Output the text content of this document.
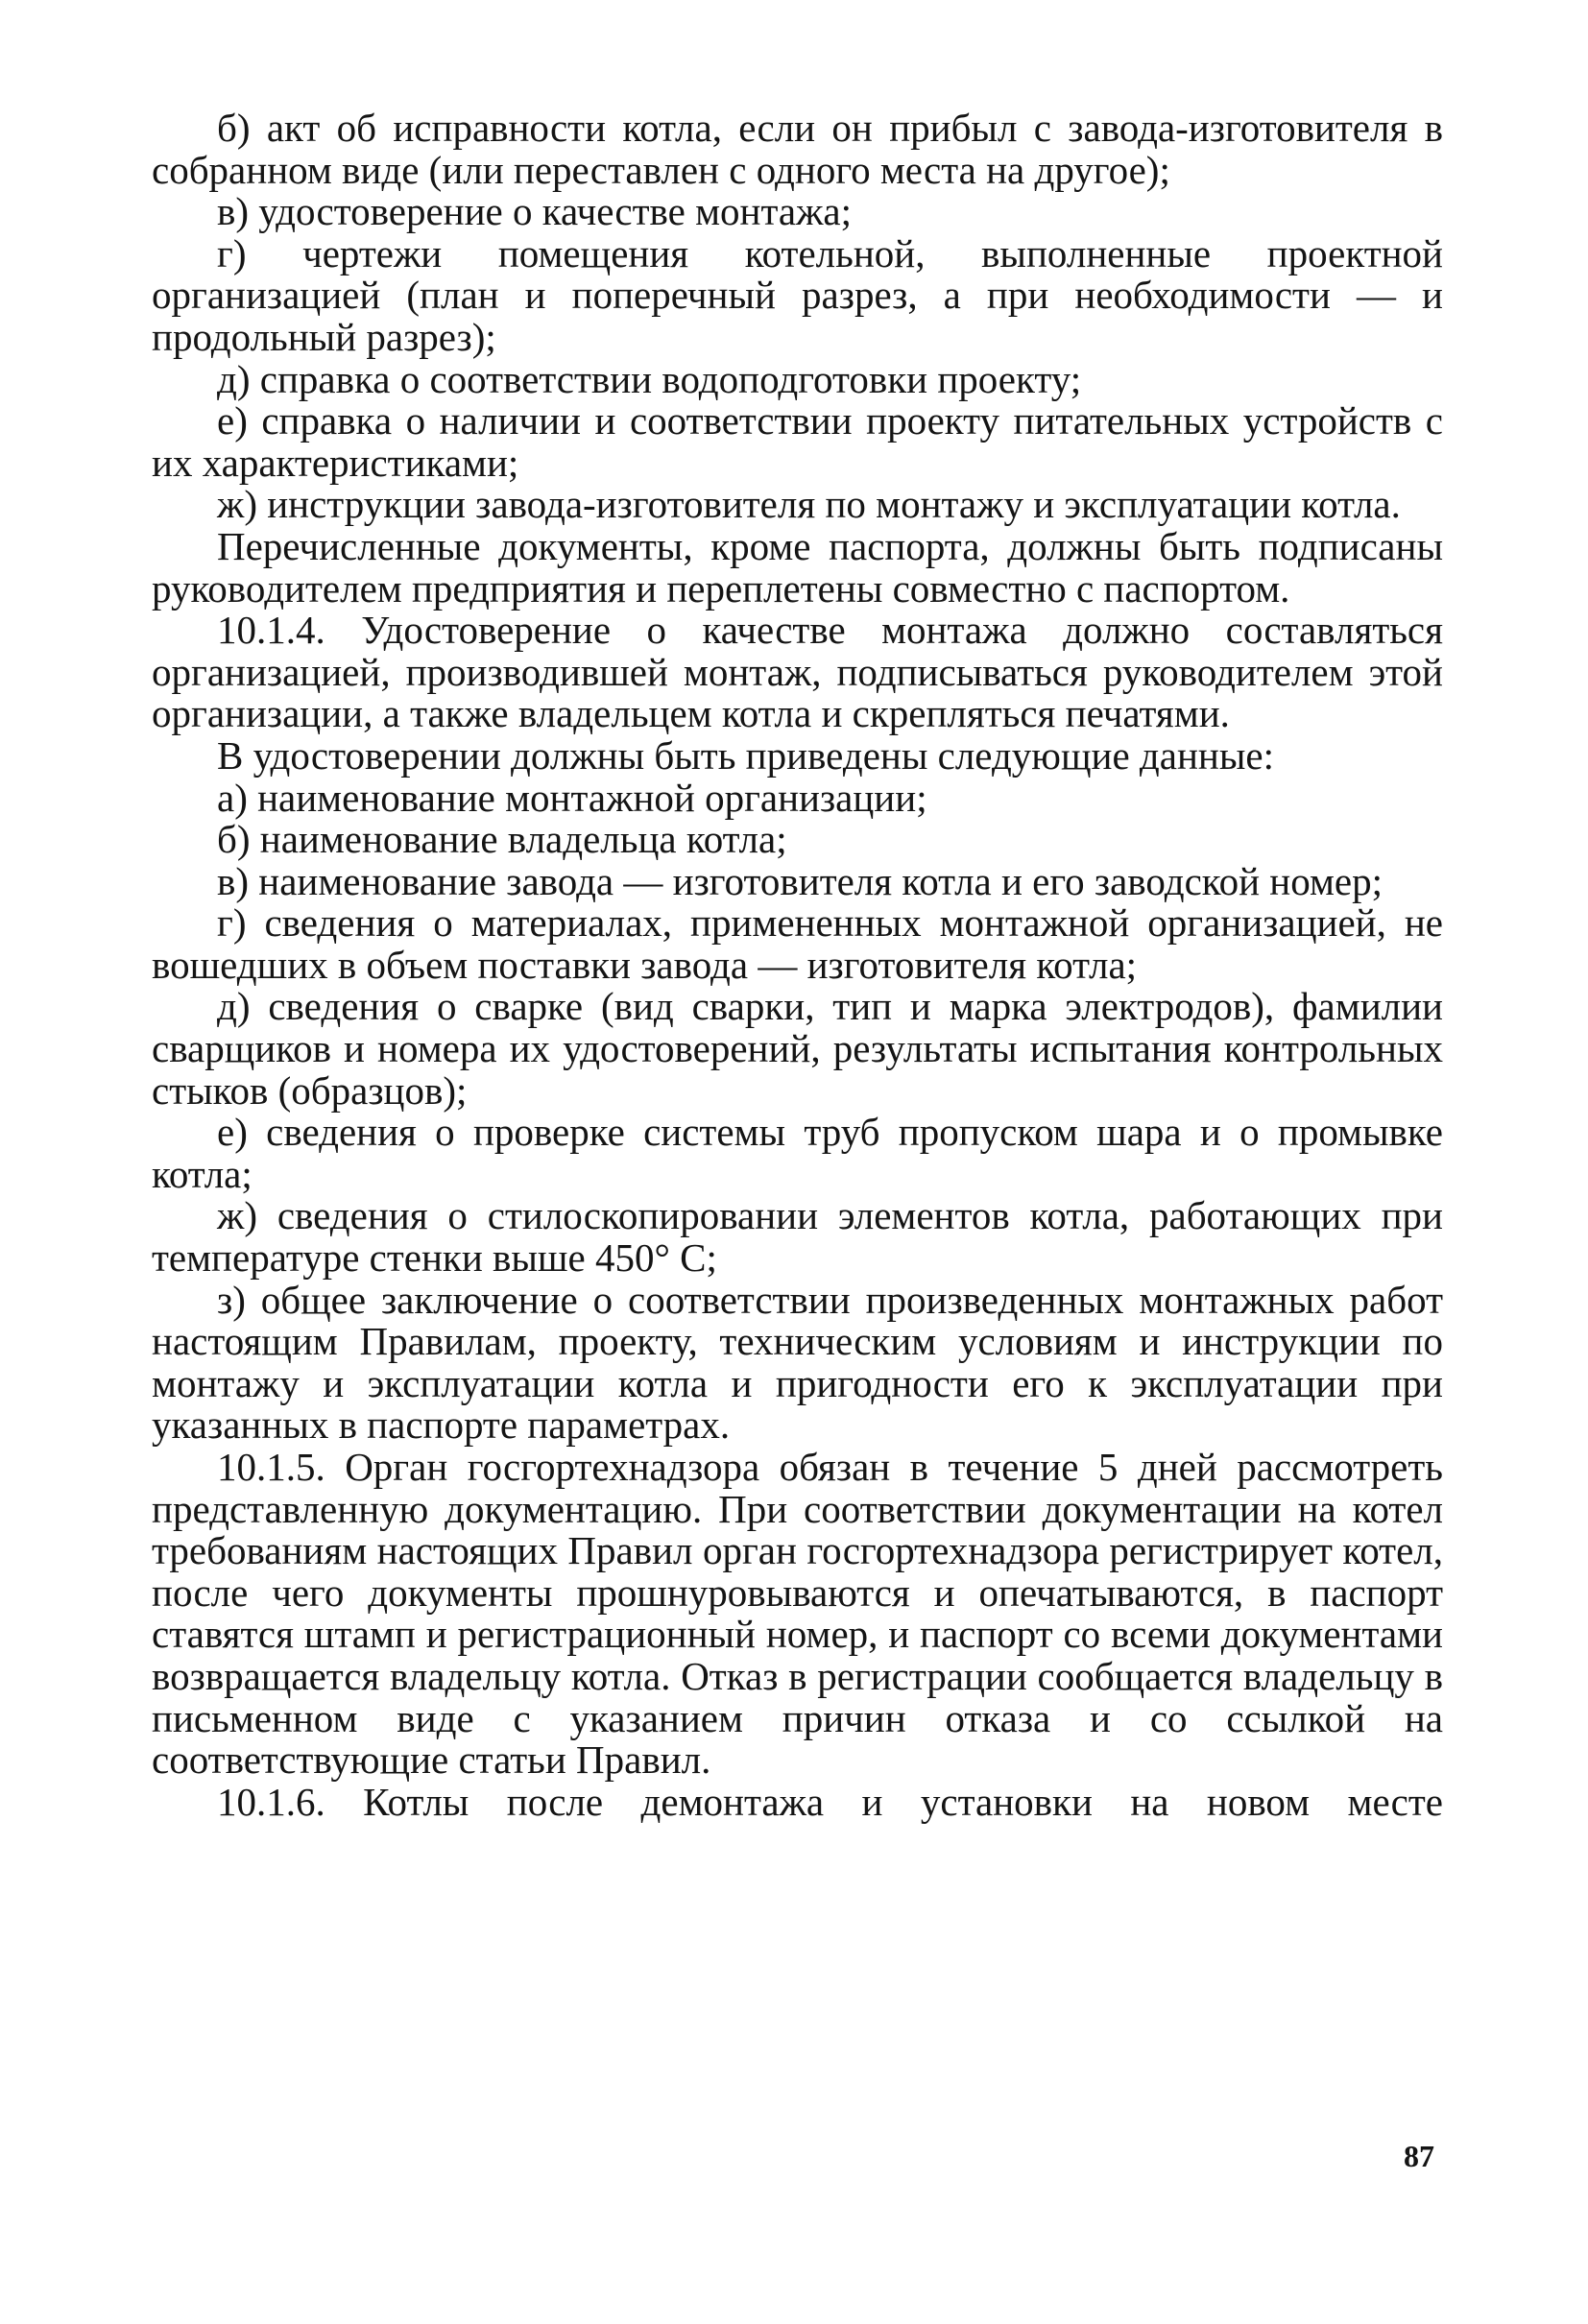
б) акт об исправности котла, если он прибыл с завода-изготовителя в собранном виде (или переставлен с одного места на другое);

в) удостоверение о качестве монтажа;

г) чертежи помещения котельной, выполненные проектной организацией (план и поперечный разрез, а при необходимости — и продольный разрез);

д) справка о соответствии водоподготовки проекту;

е) справка о наличии и соответствии проекту питательных устройств с их характеристиками;

ж) инструкции завода-изготовителя по монтажу и эксплуатации котла.

Перечисленные документы, кроме паспорта, должны быть подписаны руководителем предприятия и переплетены совместно с паспортом.

10.1.4. Удостоверение о качестве монтажа должно составляться организацией, производившей монтаж, подписываться руководителем этой организации, а также владельцем котла и скрепляться печатями.

В удостоверении должны быть приведены следующие данные:

а) наименование монтажной организации;

б) наименование владельца котла;

в) наименование завода — изготовителя котла и его заводской номер;

г) сведения о материалах, примененных монтажной организацией, не вошедших в объем поставки завода — изготовителя котла;

д) сведения о сварке (вид сварки, тип и марка электродов), фамилии сварщиков и номера их удостоверений, результаты испытания контрольных стыков (образцов);

е) сведения о проверке системы труб пропуском шара и о промывке котла;

ж) сведения о стилоскопировании элементов котла, работающих при температуре стенки выше 450° С;

з) общее заключение о соответствии произведенных монтажных работ настоящим Правилам, проекту, техническим условиям и инструкции по монтажу и эксплуатации котла и пригодности его к эксплуатации при указанных в паспорте параметрах.

10.1.5. Орган госгортехнадзора обязан в течение 5 дней рассмотреть представленную документацию. При соответствии документации на котел требованиям настоящих Правил орган госгортехнадзора регистрирует котел, после чего документы прошнуровываются и опечатываются, в паспорт ставятся штамп и регистрационный номер, и паспорт со всеми документами возвращается владельцу котла. Отказ в регистрации сообщается владельцу в письменном виде с указанием причин отказа и со ссылкой на соответствующие статьи Правил.

10.1.6. Котлы после демонтажа и установки на новом месте

87
